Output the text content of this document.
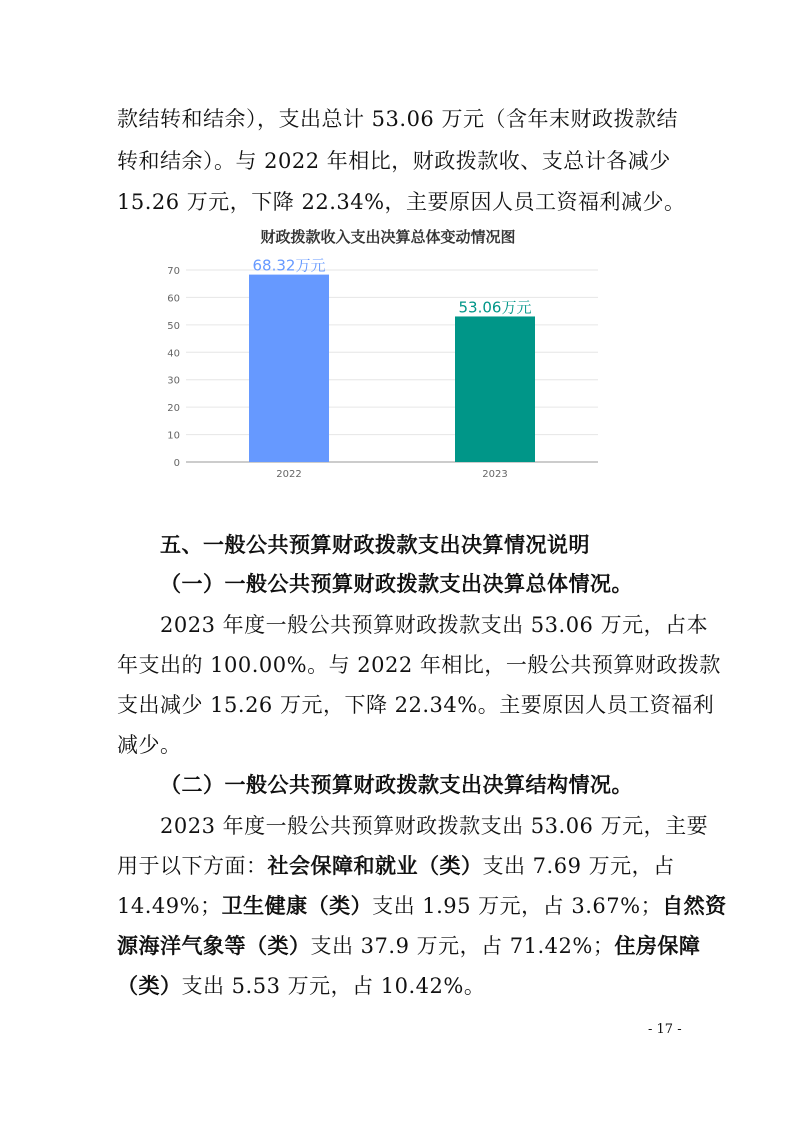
款结转和结余），支出总计 53.06 万元（含年末财政拨款结
转和结余）。与 2022 年相比，财政拨款收、支总计各减少
15.26 万元，下降 22.34%，主要原因人员工资福利减少。
财政拨款收入支出决算总体变动情况图
0
10
20
30
40
50
60
70	68.32万元
2022
53.06万元
2023
五、一般公共预算财政拨款支出决算情况说明
（一）一般公共预算财政拨款支出决算总体情况。
2023 年度一般公共预算财政拨款支出 53.06 万元，占本
年支出的 100.00%。与 2022 年相比，一般公共预算财政拨款
支出减少 15.26 万元，下降 22.34%。主要原因人员工资福利
减少。
（二）一般公共预算财政拨款支出决算结构情况。
2023 年度一般公共预算财政拨款支出 53.06 万元，主要
用于以下方面：社会保障和就业（类）支出 7.69 万元，占
14.49%；卫生健康（类）支出 1.95 万元，占 3.67%；自然资
源海洋气象等（类）支出 37.9 万元，占 71.42%；住房保障
（类）支出 5.53 万元，占 10.42%。
- 17 -
